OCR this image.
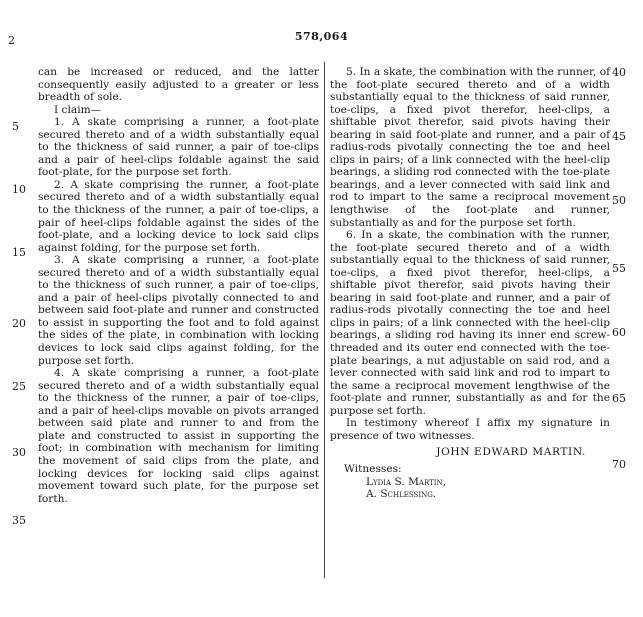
2	578,064
5
10
15
20
25
30
35
40
45
50
55
60
65
70

can be increased or reduced, and the latter consequently easily adjusted to a greater or less breadth of sole.

I claim—

1. A skate comprising a runner, a foot-plate secured thereto and of a width substantially equal to the thickness of said runner, a pair of toe-clips and a pair of heel-clips foldable against the said foot-plate, for the purpose set forth.

2. A skate comprising the runner, a foot-plate secured thereto and of a width substantially equal to the thickness of the runner, a pair of toe-clips, a pair of heel-clips foldable against the sides of the foot-plate, and a locking device to lock said clips against folding, for the purpose set forth.

3. A skate comprising a runner, a foot-plate secured thereto and of a width substantially equal to the thickness of such runner, a pair of toe-clips, and a pair of heel-clips pivotally connected to and between said foot-plate and runner and constructed to assist in supporting the foot and to fold against the sides of the plate, in combination with locking devices to lock said clips against folding, for the purpose set forth.

4. A skate comprising a runner, a foot-plate secured thereto and of a width substantially equal to the thickness of the runner, a pair of toe-clips, and a pair of heel-clips movable on pivots arranged between said plate and runner to and from the plate and constructed to assist in supporting the foot; in combination with mechanism for limiting the movement of said clips from the plate, and locking devices for locking said clips against movement toward such plate, for the purpose set forth.

5. In a skate, the combination with the runner, of the foot-plate secured thereto and of a width substantially equal to the thickness of said runner, toe-clips, a fixed pivot therefor, heel-clips, a shiftable pivot therefor, said pivots having their bearing in said foot-plate and runner, and a pair of radius-rods pivotally connecting the toe and heel clips in pairs; of a link connected with the heel-clip bearings, a sliding rod connected with the toe-plate bearings, and a lever connected with said link and rod to impart to the same a reciprocal movement lengthwise of the foot-plate and runner, substantially as and for the purpose set forth.

6. In a skate, the combination with the runner, the foot-plate secured thereto and of a width substantially equal to the thickness of said runner, toe-clips, a fixed pivot therefor, heel-clips, a shiftable pivot therefor, said pivots having their bearing in said foot-plate and runner, and a pair of radius-rods pivotally connecting the toe and heel clips in pairs; of a link connected with the heel-clip bearings, a sliding rod having its inner end screw-threaded and its outer end connected with the toe-plate bearings, a nut adjustable on said rod, and a lever connected with said link and rod to impart to the same a reciprocal movement lengthwise of the foot-plate and runner, substantially as and for the purpose set forth.

In testimony whereof I affix my signature in presence of two witnesses.

JOHN EDWARD MARTIN.

Witnesses:
Lydia S. Martin,
A. Schlessing.
